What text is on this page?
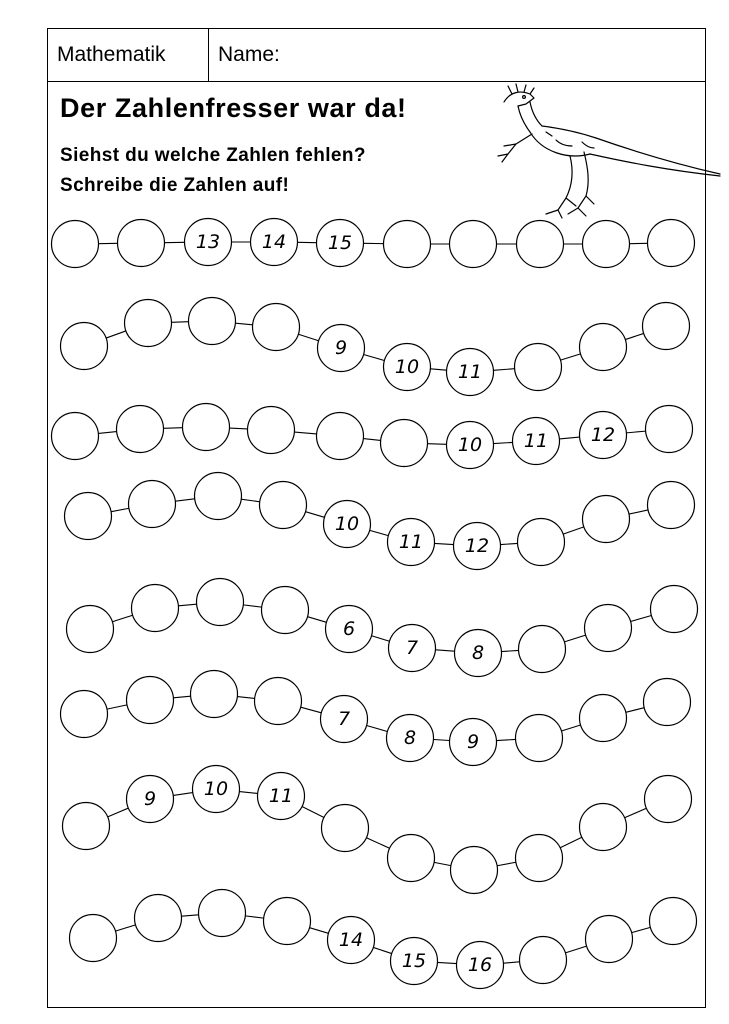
Mathematik	Name:
Der Zahlenfresser war da!
Siehst du welche Zahlen fehlen?
Schreibe die Zahlen auf!
13 14 15
9
10 11
10 11 12
10
11 12
6
7	8
7
8	9
9	10 11
14
15 16
